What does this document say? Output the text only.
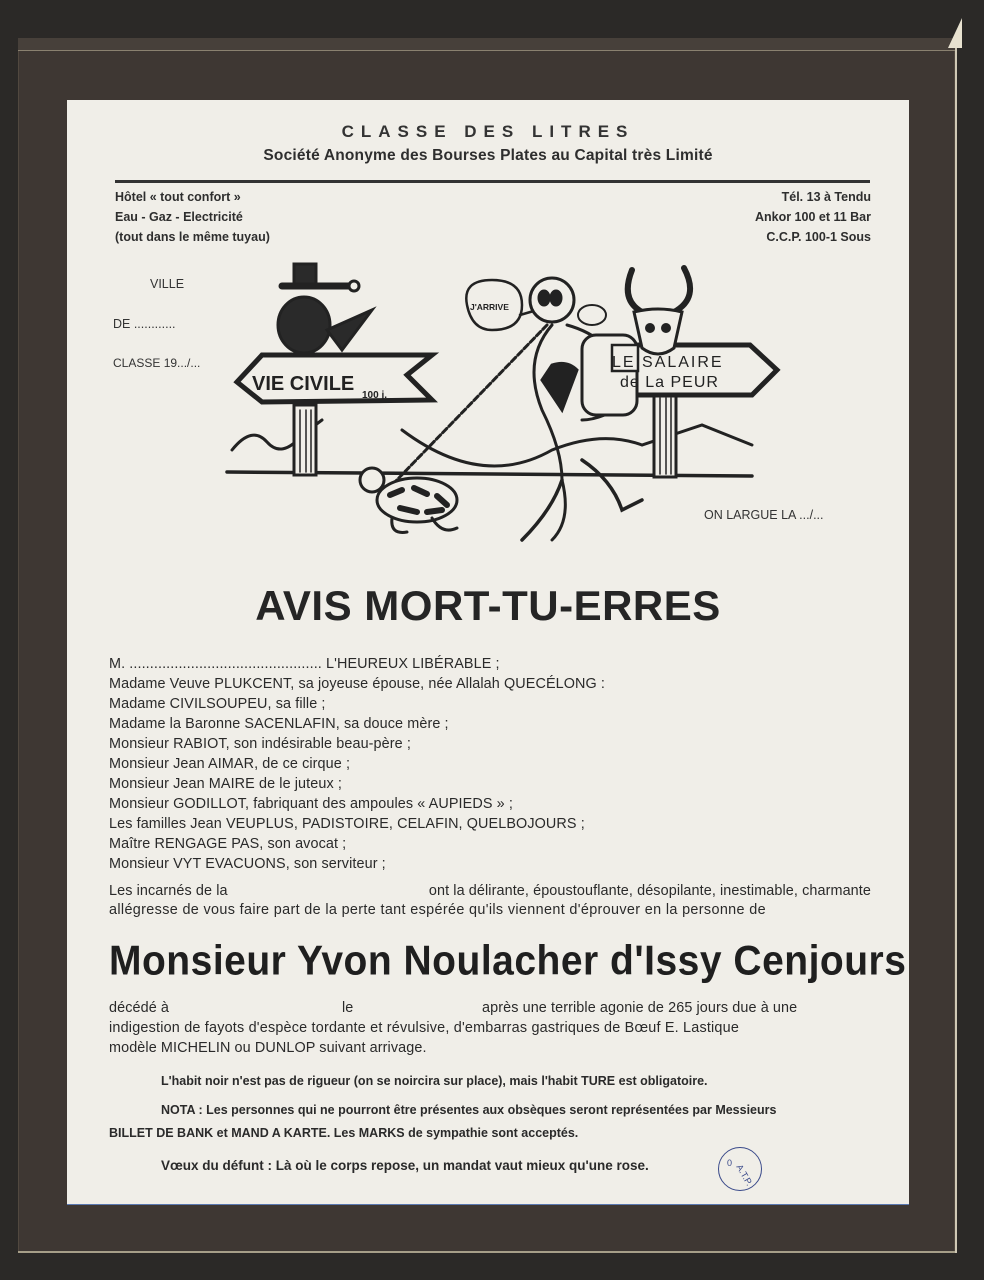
CLASSE DES LITRES
Société Anonyme des Bourses Plates au Capital très Limité
Hôtel « tout confort »
Eau - Gaz - Electricité
(tout dans le même tuyau)
Tél. 13 à Tendu
Ankor 100 et 11 Bar
C.C.P. 100-1 Sous
VILLE
DE ............
CLASSE 19.../...
ON LARGUE LA .../...
VIE CIVILE
100 j.
LE SALAIRE
de La PEUR
J'ARRIVE
AVIS MORT-TU-ERRES
M. ............................................... L'HEUREUX LIBÉRABLE ;
Madame Veuve PLUKCENT, sa joyeuse épouse, née Allalah QUECÉLONG :
Madame CIVILSOUPEU, sa fille ;
Madame la Baronne SACENLAFIN, sa douce mère ;
Monsieur RABIOT, son indésirable beau-père ;
Monsieur Jean AIMAR, de ce cirque ;
Monsieur Jean MAIRE de le juteux ;
Monsieur GODILLOT, fabriquant des ampoules « AUPIEDS » ;
Les familles Jean VEUPLUS, PADISTOIRE, CELAFIN, QUELBOJOURS ;
Maître RENGAGE PAS, son avocat ;
Monsieur VYT EVACUONS, son serviteur ;
Les incarnés de la	ont la délirante, époustouflante, désopilante, inestimable, charmante
allégresse de vous faire part de la perte tant espérée qu'ils viennent d'éprouver en la personne de
Monsieur Yvon Noulacher d'Issy Cenjours
décédé à	le	après une terrible agonie de 265 jours due à une
indigestion de fayots d'espèce tordante et révulsive, d'embarras gastriques de Bœuf E. Lastique
modèle MICHELIN ou DUNLOP suivant arrivage.
L'habit noir n'est pas de rigueur (on se noircira sur place), mais l'habit TURE est obligatoire.
NOTA : Les personnes qui ne pourront être présentes aux obsèques seront représentées par Messieurs
BILLET DE BANK et MAND A KARTE. Les MARKS de sympathie sont acceptés.
Vœux du défunt : Là où le corps repose, un mandat vaut mieux qu'une rose.	0 A.T.P.
